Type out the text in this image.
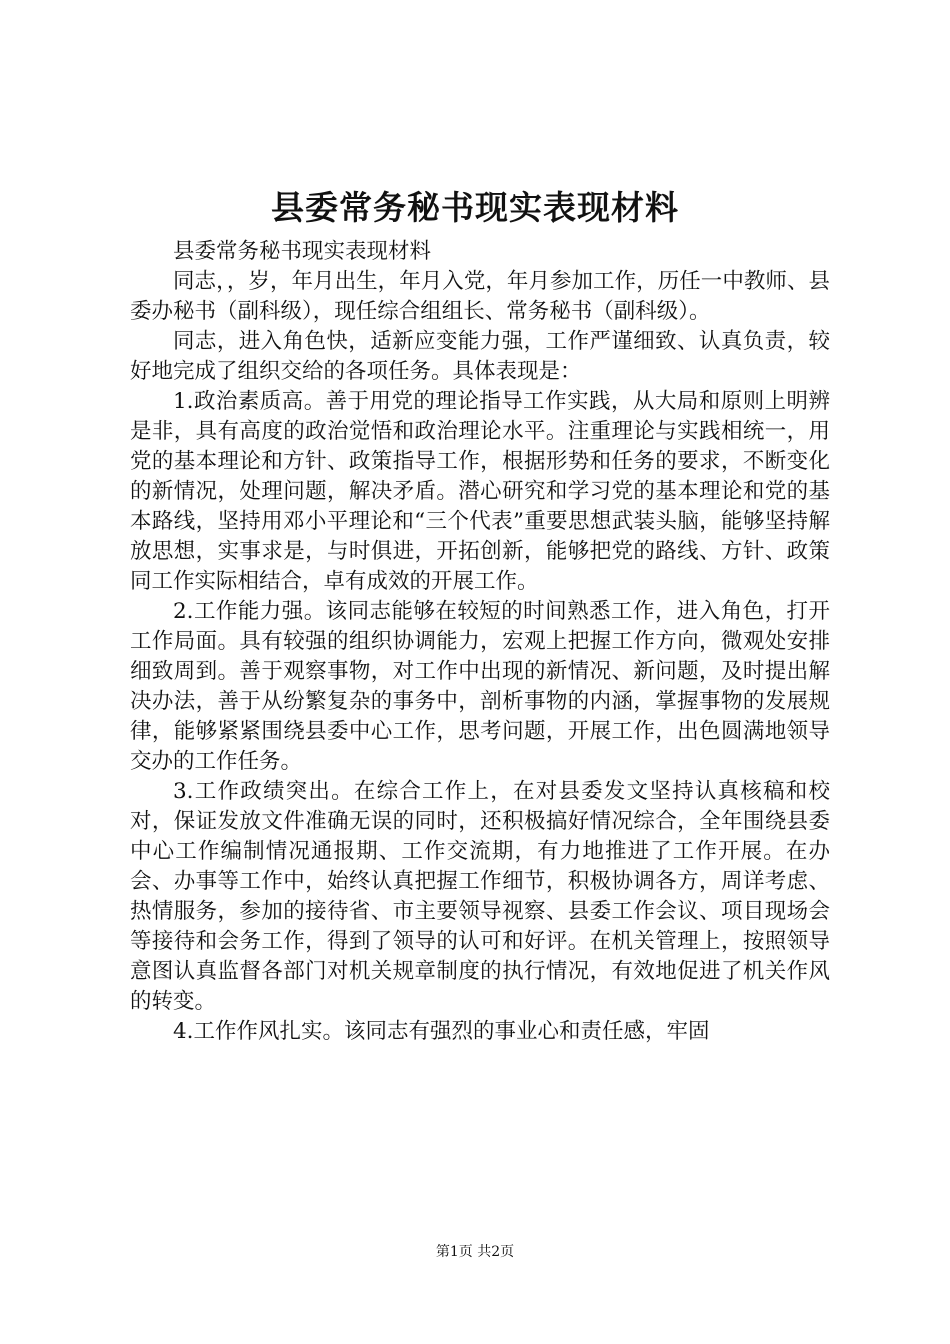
县委常务秘书现实表现材料

县委常务秘书现实表现材料

同志，，岁，年月出生，年月入党，年月参加工作，历任一中教师、县委办秘书（副科级），现任综合组组长、常务秘书（副科级）。

同志，进入角色快，适新应变能力强，工作严谨细致、认真负责，较好地完成了组织交给的各项任务。具体表现是：

1.政治素质高。善于用党的理论指导工作实践，从大局和原则上明辨是非，具有高度的政治觉悟和政治理论水平。注重理论与实践相统一，用党的基本理论和方针、政策指导工作，根据形势和任务的要求，不断变化的新情况，处理问题，解决矛盾。潜心研究和学习党的基本理论和党的基本路线，坚持用邓小平理论和“三个代表”重要思想武装头脑，能够坚持解放思想，实事求是，与时俱进，开拓创新，能够把党的路线、方针、政策同工作实际相结合，卓有成效的开展工作。

2.工作能力强。该同志能够在较短的时间熟悉工作，进入角色，打开工作局面。具有较强的组织协调能力，宏观上把握工作方向，微观处安排细致周到。善于观察事物，对工作中出现的新情况、新问题，及时提出解决办法，善于从纷繁复杂的事务中，剖析事物的内涵，掌握事物的发展规律，能够紧紧围绕县委中心工作，思考问题，开展工作，出色圆满地领导交办的工作任务。

3.工作政绩突出。在综合工作上，在对县委发文坚持认真核稿和校对，保证发放文件准确无误的同时，还积极搞好情况综合，全年围绕县委中心工作编制情况通报期、工作交流期，有力地推进了工作开展。在办会、办事等工作中，始终认真把握工作细节，积极协调各方，周详考虑、热情服务，参加的接待省、市主要领导视察、县委工作会议、项目现场会等接待和会务工作，得到了领导的认可和好评。在机关管理上，按照领导意图认真监督各部门对机关规章制度的执行情况，有效地促进了机关作风的转变。

4.工作作风扎实。该同志有强烈的事业心和责任感，牢固

第1页 共2页
